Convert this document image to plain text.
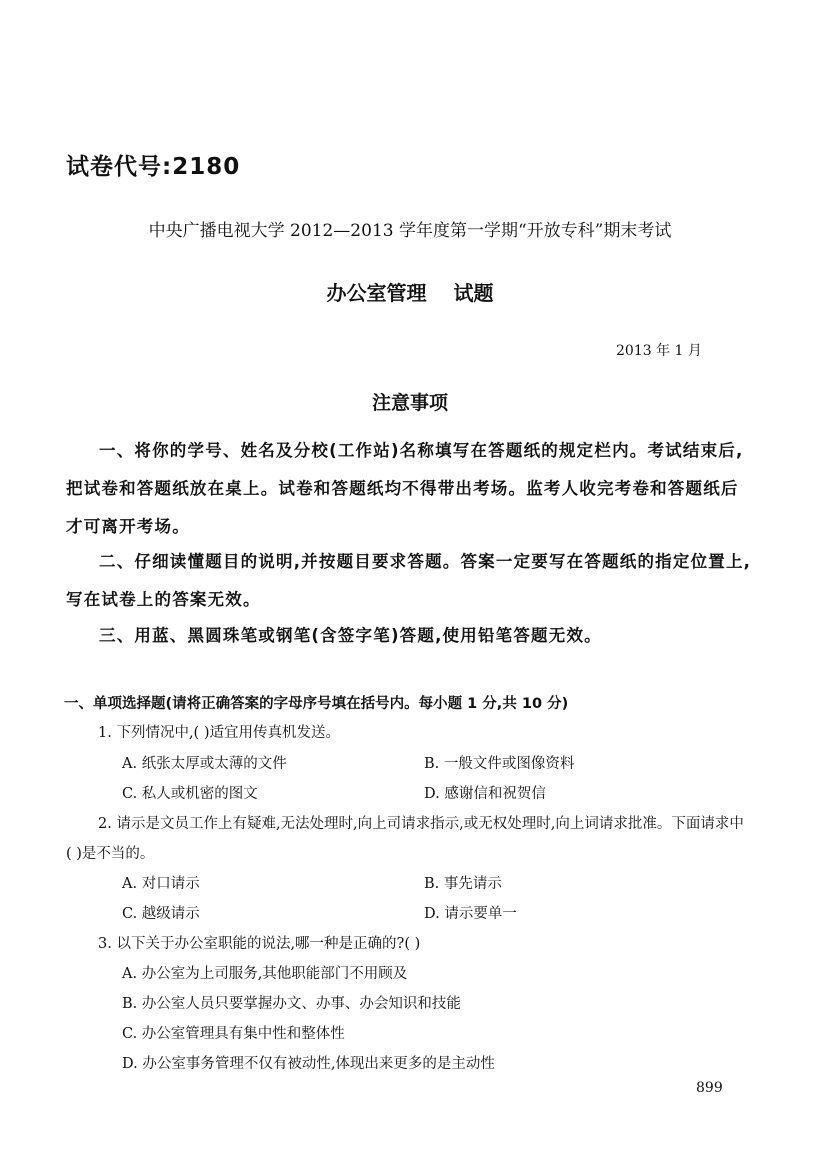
试卷代号:2180
中央广播电视大学 2012—2013 学年度第一学期“开放专科”期末考试
办公室管理 试题
2013 年 1 月
注意事项
一、将你的学号、姓名及分校(工作站)名称填写在答题纸的规定栏内。考试结束后,把试卷和答题纸放在桌上。试卷和答题纸均不得带出考场。监考人收完考卷和答题纸后才可离开考场。
二、仔细读懂题目的说明,并按题目要求答题。答案一定要写在答题纸的指定位置上,写在试卷上的答案无效。
三、用蓝、黑圆珠笔或钢笔(含签字笔)答题,使用铅笔答题无效。
一、单项选择题(请将正确答案的字母序号填在括号内。每小题 1 分,共 10 分)
1. 下列情况中,( )适宜用传真机发送。
A. 纸张太厚或太薄的文件	B. 一般文件或图像资料
C. 私人或机密的图文	D. 感谢信和祝贺信
2. 请示是文员工作上有疑难,无法处理时,向上司请求指示,或无权处理时,向上词请求批准。下面请求中( )是不当的。
A. 对口请示	B. 事先请示
C. 越级请示	D. 请示要单一
3. 以下关于办公室职能的说法,哪一种是正确的?( )
A. 办公室为上司服务,其他职能部门不用顾及
B. 办公室人员只要掌握办文、办事、办会知识和技能
C. 办公室管理具有集中性和整体性
D. 办公室事务管理不仅有被动性,体现出来更多的是主动性
899
